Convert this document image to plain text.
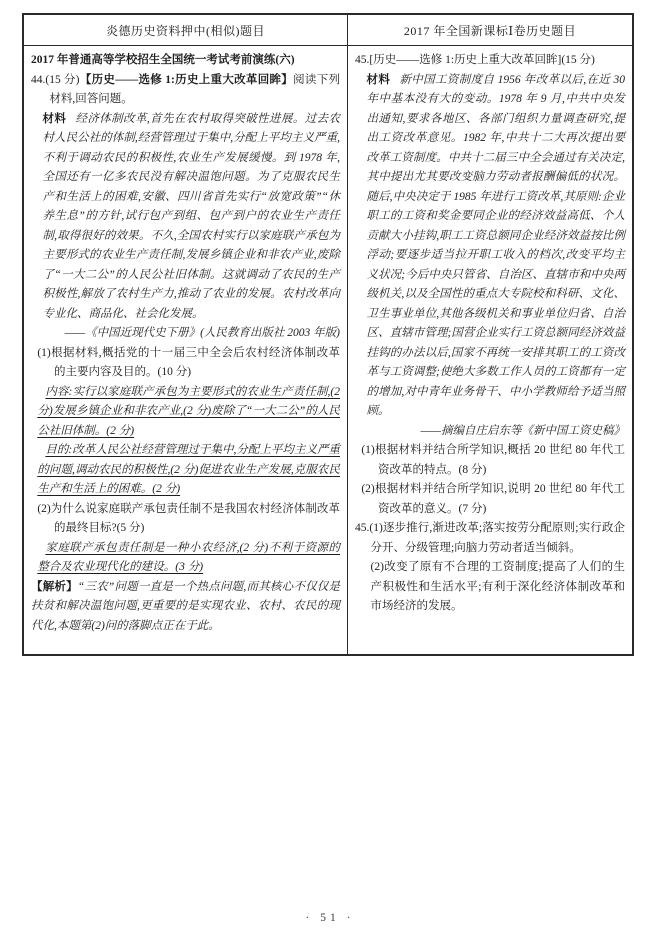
炎德历史资料押中(相似)题目	2017 年全国新课标Ⅰ卷历史题目
2017 年普通高等学校招生全国统一考试考前演练(六)
44.(15 分)【历史——选修 1:历史上重大改革回眸】阅读下列材料,回答问题。
材料 经济体制改革,首先在农村取得突破性进展。过去农村人民公社的体制,经营管理过于集中,分配上平均主义严重,不利于调动农民的积极性,农业生产发展缓慢。到 1978 年,全国还有一亿多农民没有解决温饱问题。为了克服农民生产和生活上的困难,安徽、四川省首先实行“放宽政策”“休养生息”的方针,试行包产到组、包产到户的农业生产责任制,取得很好的效果。不久,全国农村实行以家庭联产承包为主要形式的农业生产责任制,发展乡镇企业和非农产业,废除了“一大二公”的人民公社旧体制。这就调动了农民的生产积极性,解放了农村生产力,推动了农业的发展。农村改革向专业化、商品化、社会化发展。
——《中国近现代史下册》(人民教育出版社 2003 年版)
(1)根据材料,概括党的十一届三中全会后农村经济体制改革的主要内容及目的。(10 分)
内容:实行以家庭联产承包为主要形式的农业生产责任制,(2 分)发展乡镇企业和非农产业,(2 分)废除了“一大二公”的人民公社旧体制。(2 分)
目的:改革人民公社经营管理过于集中,分配上平均主义严重的问题,调动农民的积极性,(2 分)促进农业生产发展,克服农民生产和生活上的困难。(2 分)
(2)为什么说家庭联产承包责任制不是我国农村经济体制改革的最终目标?(5 分)
家庭联产承包责任制是一种小农经济,(2 分)不利于资源的整合及农业现代化的建设。(3 分)
【解析】“三农”问题一直是一个热点问题,而其核心不仅仅是扶贫和解决温饱问题,更重要的是实现农业、农村、农民的现代化,本题第(2)问的落脚点正在于此。
45.[历史——选修 1:历史上重大改革回眸](15 分)
材料 新中国工资制度自 1956 年改革以后,在近 30 年中基本没有大的变动。1978 年 9 月,中共中央发出通知,要求各地区、各部门组织力量调查研究,提出工资改革意见。1982 年,中共十二大再次提出要改革工资制度。中共十二届三中全会通过有关决定,其中提出尤其要改变脑力劳动者报酬偏低的状况。随后,中央决定于 1985 年进行工资改革,其原则:企业职工的工资和奖金要同企业的经济效益高低、个人贡献大小挂钩,职工工资总额同企业经济效益按比例浮动;要逐步适当拉开职工收入的档次,改变平均主义状况;今后中央只管省、自治区、直辖市和中央两级机关,以及全国性的重点大专院校和科研、文化、卫生事业单位,其他各级机关和事业单位归省、自治区、直辖市管理;国营企业实行工资总额同经济效益挂钩的办法以后,国家不再统一安排其职工的工资改革与工资调整;使绝大多数工作人员的工资都有一定的增加,对中青年业务骨干、中小学教师给予适当照顾。
——摘编自庄启东等《新中国工资史稿》
(1)根据材料并结合所学知识,概括 20 世纪 80 年代工资改革的特点。(8 分)
(2)根据材料并结合所学知识,说明 20 世纪 80 年代工资改革的意义。(7 分)
45.(1)逐步推行,渐进改革;落实按劳分配原则;实行政企分开、分级管理;向脑力劳动者适当倾斜。
(2)改变了原有不合理的工资制度;提高了人们的生产积极性和生活水平;有利于深化经济体制改革和市场经济的发展。
· 51 ·
